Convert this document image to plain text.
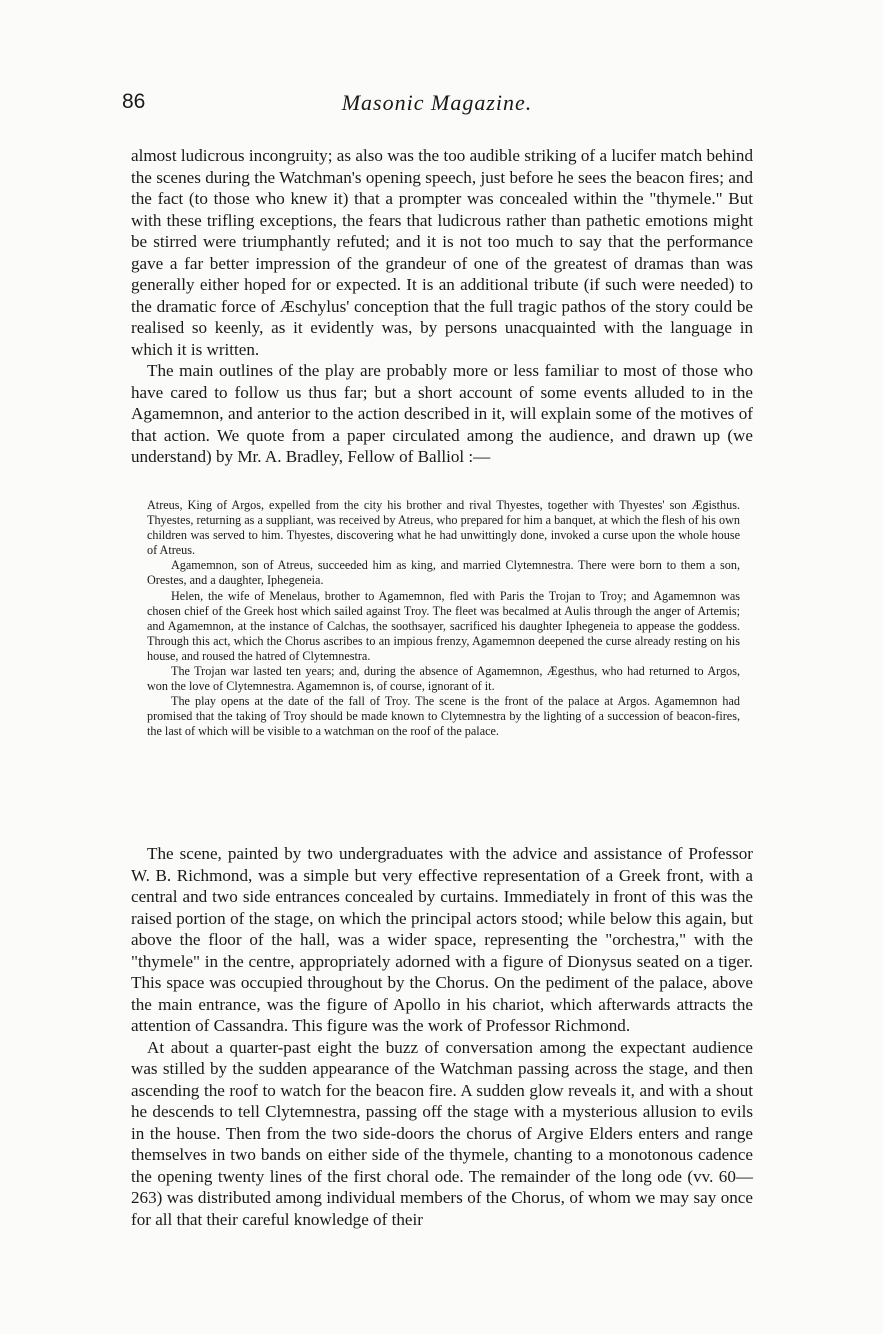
86	Masonic Magazine.

almost ludicrous incongruity; as also was the too audible striking of a lucifer match behind the scenes during the Watchman's opening speech, just before he sees the beacon fires; and the fact (to those who knew it) that a prompter was concealed within the "thymele." But with these trifling exceptions, the fears that ludicrous rather than pathetic emotions might be stirred were triumphantly refuted; and it is not too much to say that the performance gave a far better impression of the grandeur of one of the greatest of dramas than was generally either hoped for or expected. It is an additional tribute (if such were needed) to the dramatic force of Æschylus' conception that the full tragic pathos of the story could be realised so keenly, as it evidently was, by persons unacquainted with the language in which it is written.

The main outlines of the play are probably more or less familiar to most of those who have cared to follow us thus far; but a short account of some events alluded to in the Agamemnon, and anterior to the action described in it, will explain some of the motives of that action. We quote from a paper circulated among the audience, and drawn up (we understand) by Mr. A. Bradley, Fellow of Balliol :—

Atreus, King of Argos, expelled from the city his brother and rival Thyestes, together with Thyestes' son Ægisthus. Thyestes, returning as a suppliant, was received by Atreus, who prepared for him a banquet, at which the flesh of his own children was served to him. Thyestes, discovering what he had unwittingly done, invoked a curse upon the whole house of Atreus.

Agamemnon, son of Atreus, succeeded him as king, and married Clytemnestra. There were born to them a son, Orestes, and a daughter, Iphegeneia.

Helen, the wife of Menelaus, brother to Agamemnon, fled with Paris the Trojan to Troy; and Agamemnon was chosen chief of the Greek host which sailed against Troy. The fleet was becalmed at Aulis through the anger of Artemis; and Agamemnon, at the instance of Calchas, the soothsayer, sacrificed his daughter Iphegeneia to appease the goddess. Through this act, which the Chorus ascribes to an impious frenzy, Agamemnon deepened the curse already resting on his house, and roused the hatred of Clytemnestra.

The Trojan war lasted ten years; and, during the absence of Agamemnon, Ægesthus, who had returned to Argos, won the love of Clytemnestra. Agamemnon is, of course, ignorant of it.

The play opens at the date of the fall of Troy. The scene is the front of the palace at Argos. Agamemnon had promised that the taking of Troy should be made known to Clytemnestra by the lighting of a succession of beacon-fires, the last of which will be visible to a watchman on the roof of the palace.

The scene, painted by two undergraduates with the advice and assistance of Professor W. B. Richmond, was a simple but very effective representation of a Greek front, with a central and two side entrances concealed by curtains. Immediately in front of this was the raised portion of the stage, on which the principal actors stood; while below this again, but above the floor of the hall, was a wider space, representing the "orchestra," with the "thymele" in the centre, appropriately adorned with a figure of Dionysus seated on a tiger. This space was occupied throughout by the Chorus. On the pediment of the palace, above the main entrance, was the figure of Apollo in his chariot, which afterwards attracts the attention of Cassandra. This figure was the work of Professor Richmond.

At about a quarter-past eight the buzz of conversation among the expectant audience was stilled by the sudden appearance of the Watchman passing across the stage, and then ascending the roof to watch for the beacon fire. A sudden glow reveals it, and with a shout he descends to tell Clytemnestra, passing off the stage with a mysterious allusion to evils in the house. Then from the two side-doors the chorus of Argive Elders enters and range themselves in two bands on either side of the thymele, chanting to a monotonous cadence the opening twenty lines of the first choral ode. The remainder of the long ode (vv. 60—263) was distributed among individual members of the Chorus, of whom we may say once for all that their careful knowledge of their
